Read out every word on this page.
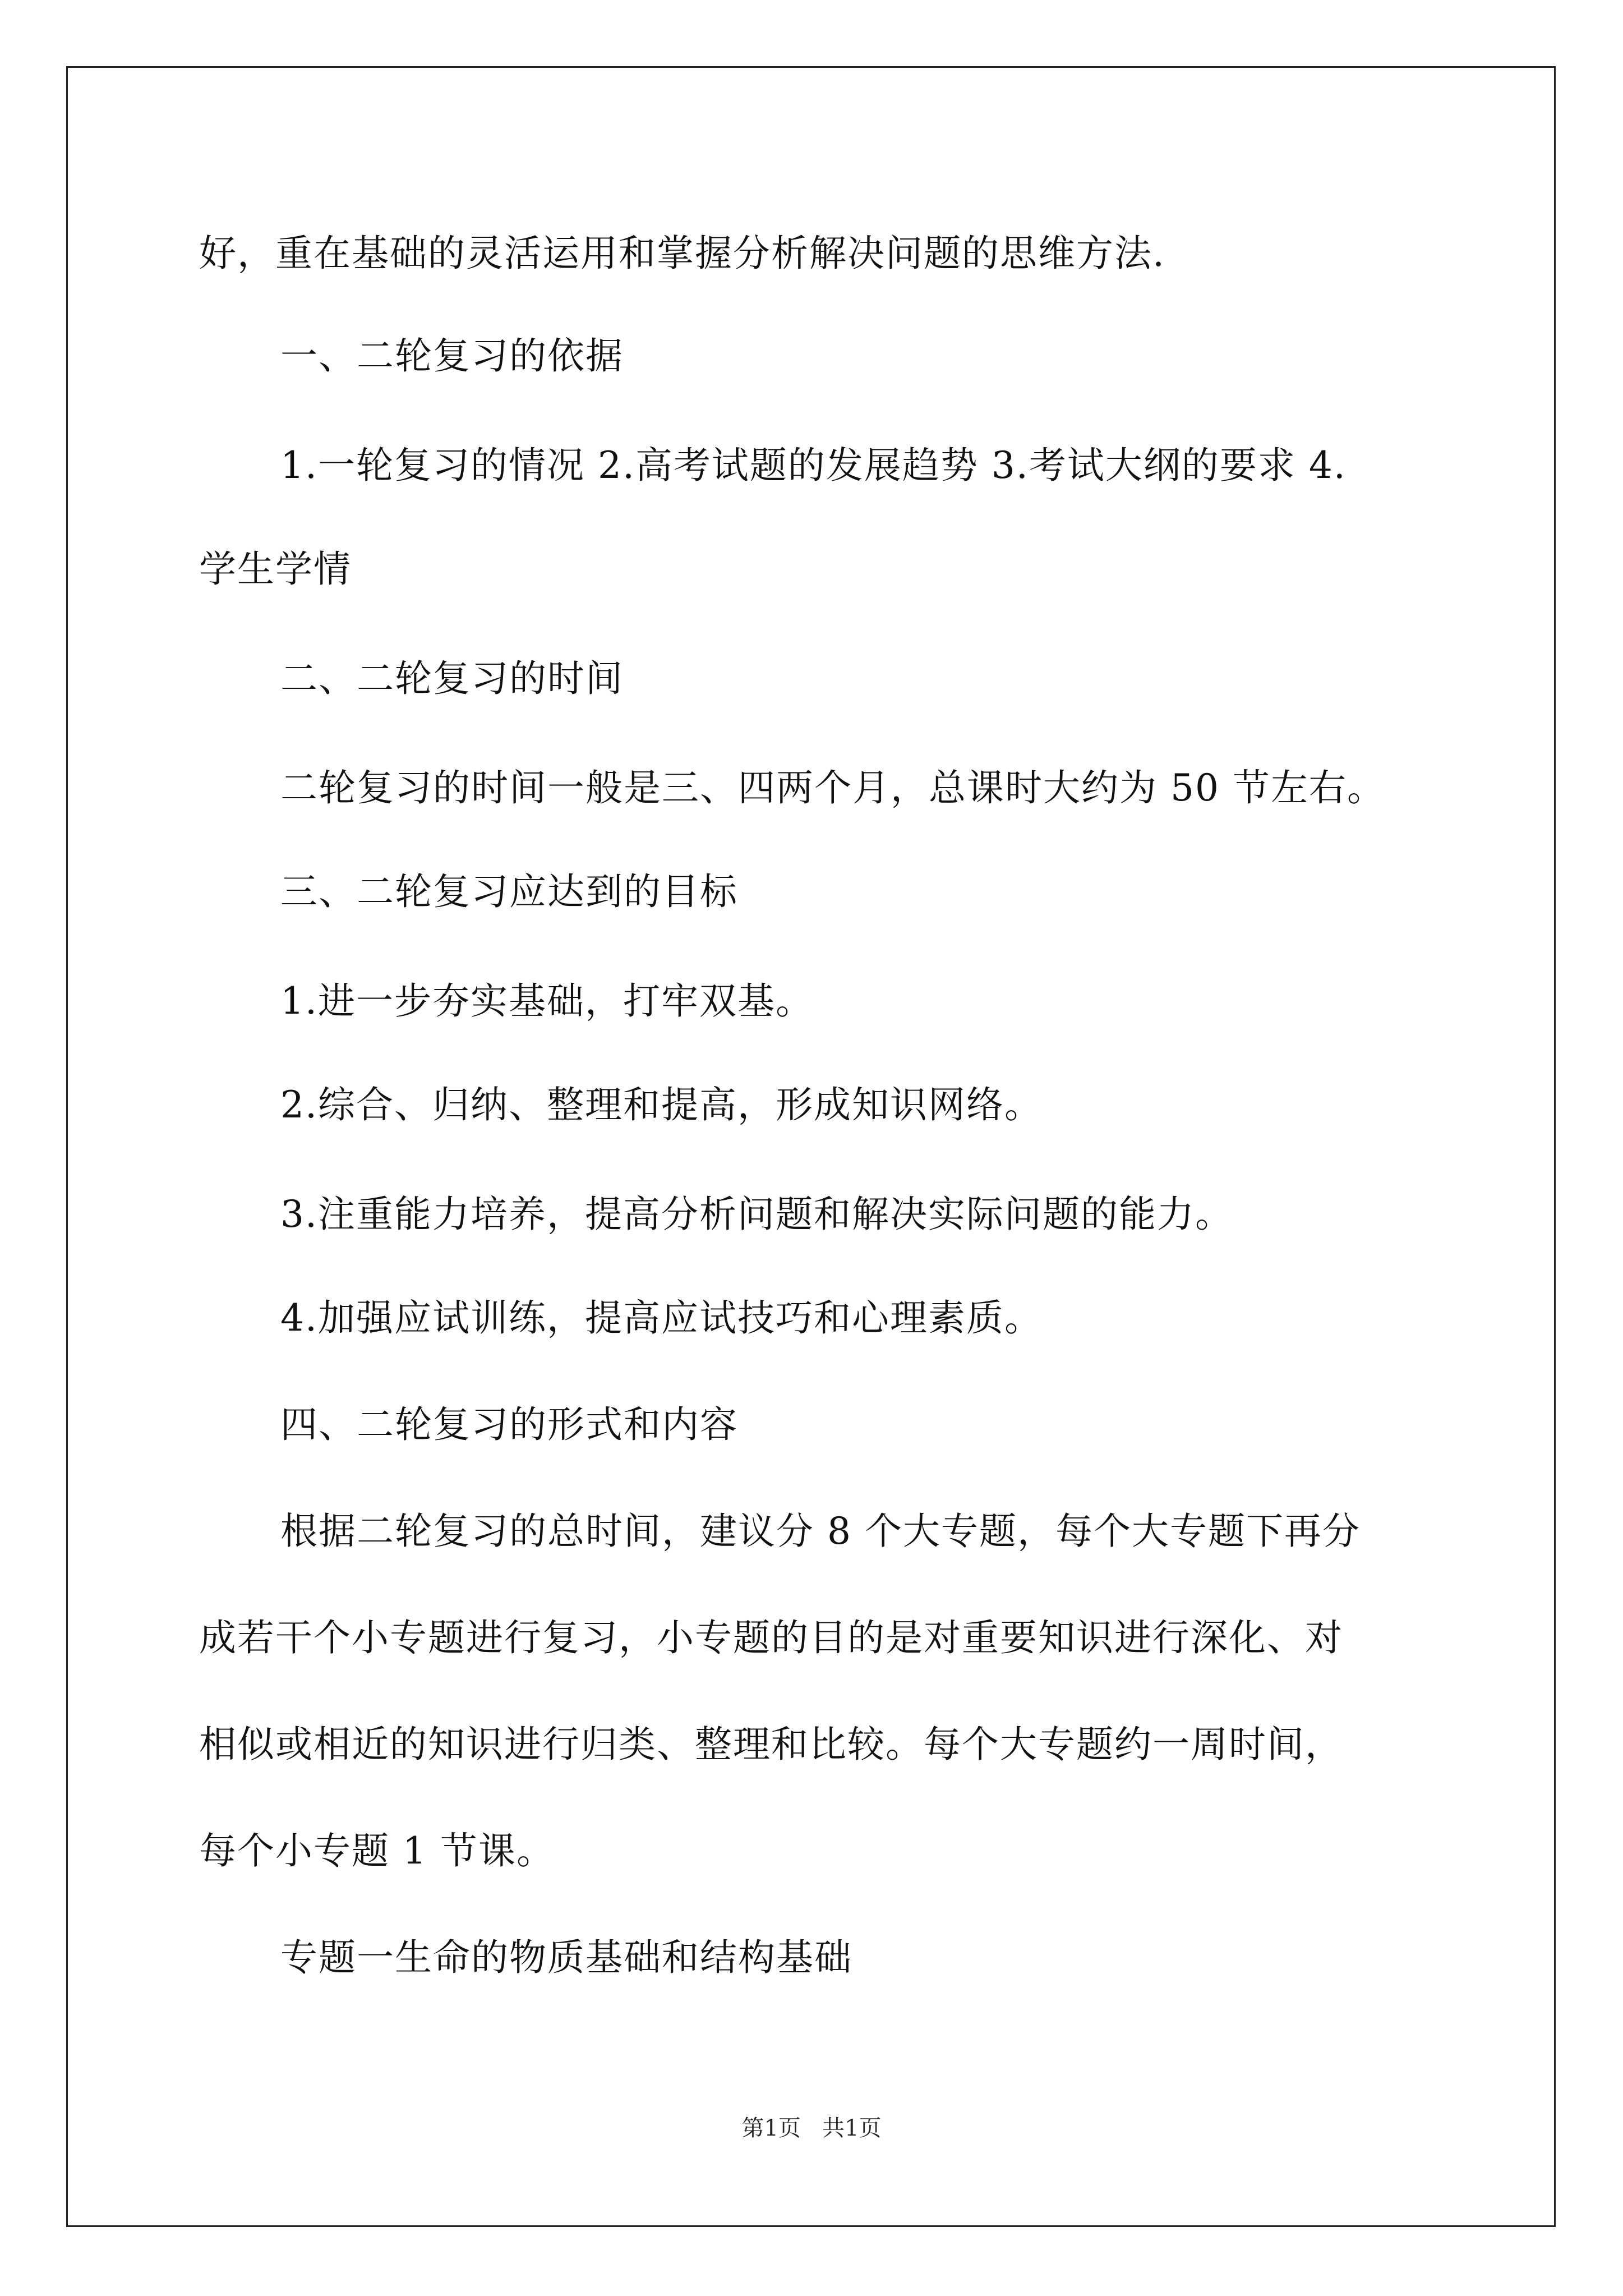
好，重在基础的灵活运用和掌握分析解决问题的思维方法.
一、二轮复习的依据
1.一轮复习的情况 2.高考试题的发展趋势 3.考试大纲的要求 4.
学生学情
二、二轮复习的时间
二轮复习的时间一般是三、四两个月，总课时大约为 50 节左右。
三、二轮复习应达到的目标
1.进一步夯实基础，打牢双基。
2.综合、归纳、整理和提高，形成知识网络。
3.注重能力培养，提高分析问题和解决实际问题的能力。
4.加强应试训练，提高应试技巧和心理素质。
四、二轮复习的形式和内容
根据二轮复习的总时间，建议分 8 个大专题，每个大专题下再分
成若干个小专题进行复习，小专题的目的是对重要知识进行深化、对
相似或相近的知识进行归类、整理和比较。每个大专题约一周时间，
每个小专题 1 节课。
专题一生命的物质基础和结构基础
第1页   共1页
